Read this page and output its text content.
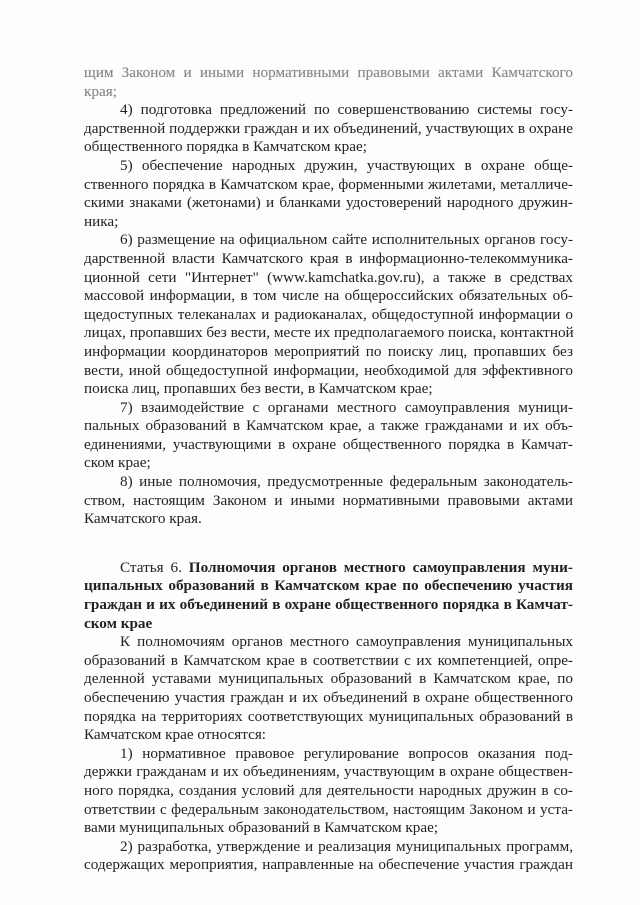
щим Законом и иными нормативными правовыми актами Камчатского
края;
4) подготовка предложений по совершенствованию системы госу-
дарственной поддержки граждан и их объединений, участвующих в охране
общественного порядка в Камчатском крае;
5) обеспечение народных дружин, участвующих в охране обще-
ственного порядка в Камчатском крае, форменными жилетами, металличе-
скими знаками (жетонами) и бланками удостоверений народного дружин-
ника;
6) размещение на официальном сайте исполнительных органов госу-
дарственной власти Камчатского края в информационно-телекоммуника-
ционной сети "Интернет" (www.kamchatka.gov.ru), а также в средствах
массовой информации, в том числе на общероссийских обязательных об-
щедоступных телеканалах и радиоканалах, общедоступной информации о
лицах, пропавших без вести, месте их предполагаемого поиска, контактной
информации координаторов мероприятий по поиску лиц, пропавших без
вести, иной общедоступной информации, необходимой для эффективного
поиска лиц, пропавших без вести, в Камчатском крае;
7) взаимодействие с органами местного самоуправления муници-
пальных образований в Камчатском крае, а также гражданами и их объ-
единениями, участвующими в охране общественного порядка в Камчат-
ском крае;
8) иные полномочия, предусмотренные федеральным законодатель-
ством, настоящим Законом и иными нормативными правовыми актами
Камчатского края.
Статья 6. Полномочия органов местного самоуправления муни-
ципальных образований в Камчатском крае по обеспечению участия
граждан и их объединений в охране общественного порядка в Камчат-
ском крае
К полномочиям органов местного самоуправления муниципальных
образований в Камчатском крае в соответствии с их компетенцией, опре-
деленной уставами муниципальных образований в Камчатском крае, по
обеспечению участия граждан и их объединений в охране общественного
порядка на территориях соответствующих муниципальных образований в
Камчатском крае относятся:
1) нормативное правовое регулирование вопросов оказания под-
держки гражданам и их объединениям, участвующим в охране обществен-
ного порядка, создания условий для деятельности народных дружин в со-
ответствии с федеральным законодательством, настоящим Законом и уста-
вами муниципальных образований в Камчатском крае;
2) разработка, утверждение и реализация муниципальных программ,
содержащих мероприятия, направленные на обеспечение участия граждан
